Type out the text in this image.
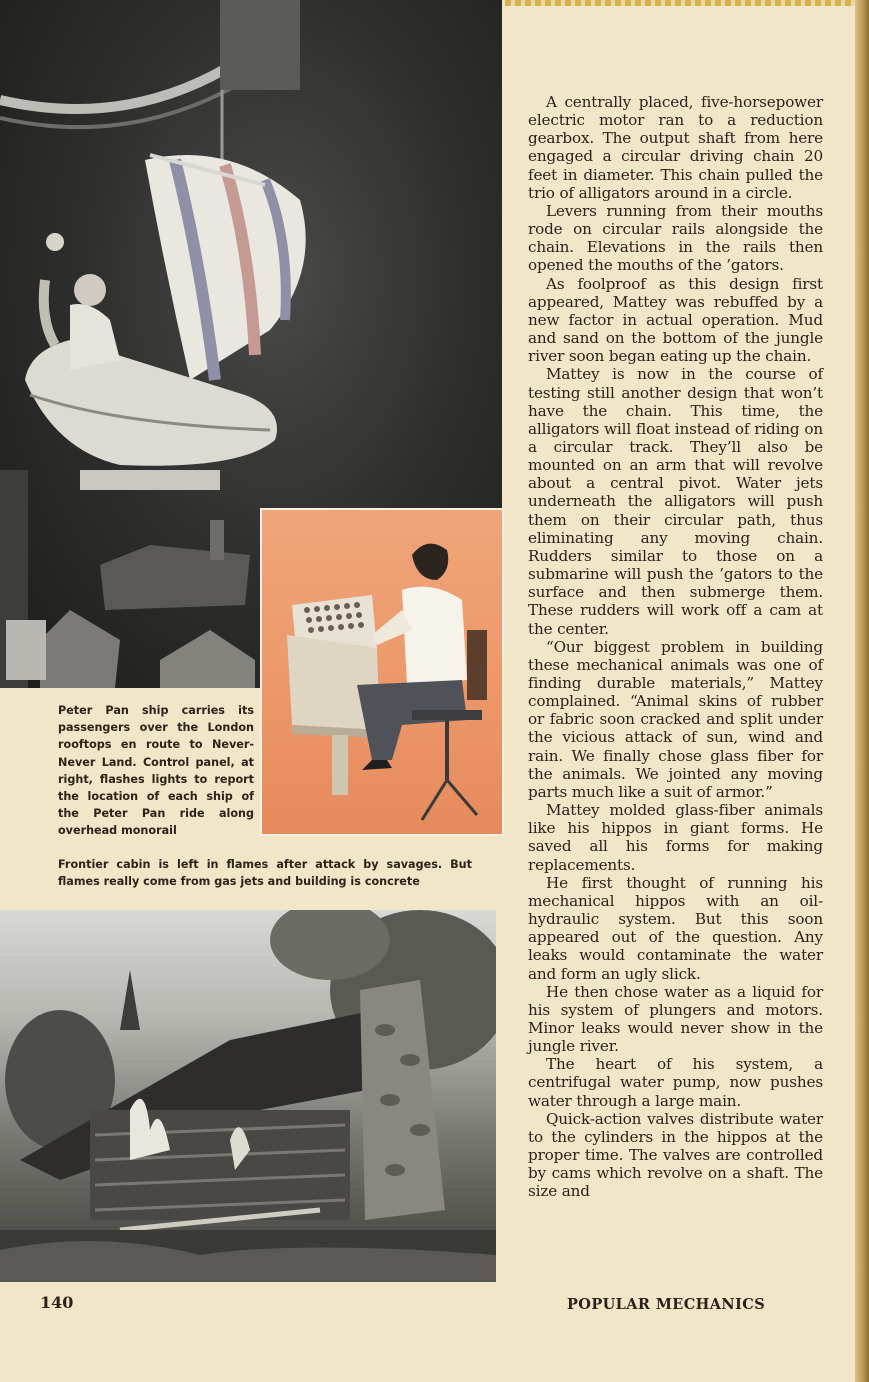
Peter Pan ship carries its passengers over the London rooftops en route to Never-Never Land. Control panel, at right, flashes lights to report the location of each ship of the Peter Pan ride along overhead monorail
Frontier cabin is left in flames after attack by savages. But flames really come from gas jets and building is concrete

A centrally placed, five-horsepower electric motor ran to a reduction gearbox. The output shaft from here engaged a circular driving chain 20 feet in diameter. This chain pulled the trio of alligators around in a circle.

Levers running from their mouths rode on circular rails alongside the chain. Elevations in the rails then opened the mouths of the ’gators.

As foolproof as this design first appeared, Mattey was rebuffed by a new factor in actual operation. Mud and sand on the bottom of the jungle river soon began eating up the chain.

Mattey is now in the course of testing still another design that won’t have the chain. This time, the alligators will float instead of riding on a circular track. They’ll also be mounted on an arm that will revolve about a central pivot. Water jets underneath the alligators will push them on their circular path, thus eliminating any moving chain. Rudders similar to those on a submarine will push the ’gators to the surface and then submerge them. These rudders will work off a cam at the center.

“Our biggest problem in building these mechanical animals was one of finding durable materials,” Mattey complained. “Animal skins of rubber or fabric soon cracked and split under the vicious attack of sun, wind and rain. We finally chose glass fiber for the animals. We jointed any moving parts much like a suit of armor.”

Mattey molded glass-fiber animals like his hippos in giant forms. He saved all his forms for making replacements.

He first thought of running his mechanical hippos with an oil-hydraulic system. But this soon appeared out of the question. Any leaks would contaminate the water and form an ugly slick.

He then chose water as a liquid for his system of plungers and motors. Minor leaks would never show in the jungle river.

The heart of his system, a centrifugal water pump, now pushes water through a large main.

Quick-action valves distribute water to the cylinders in the hippos at the proper time. The valves are controlled by cams which revolve on a shaft. The size and

140	POPULAR MECHANICS
